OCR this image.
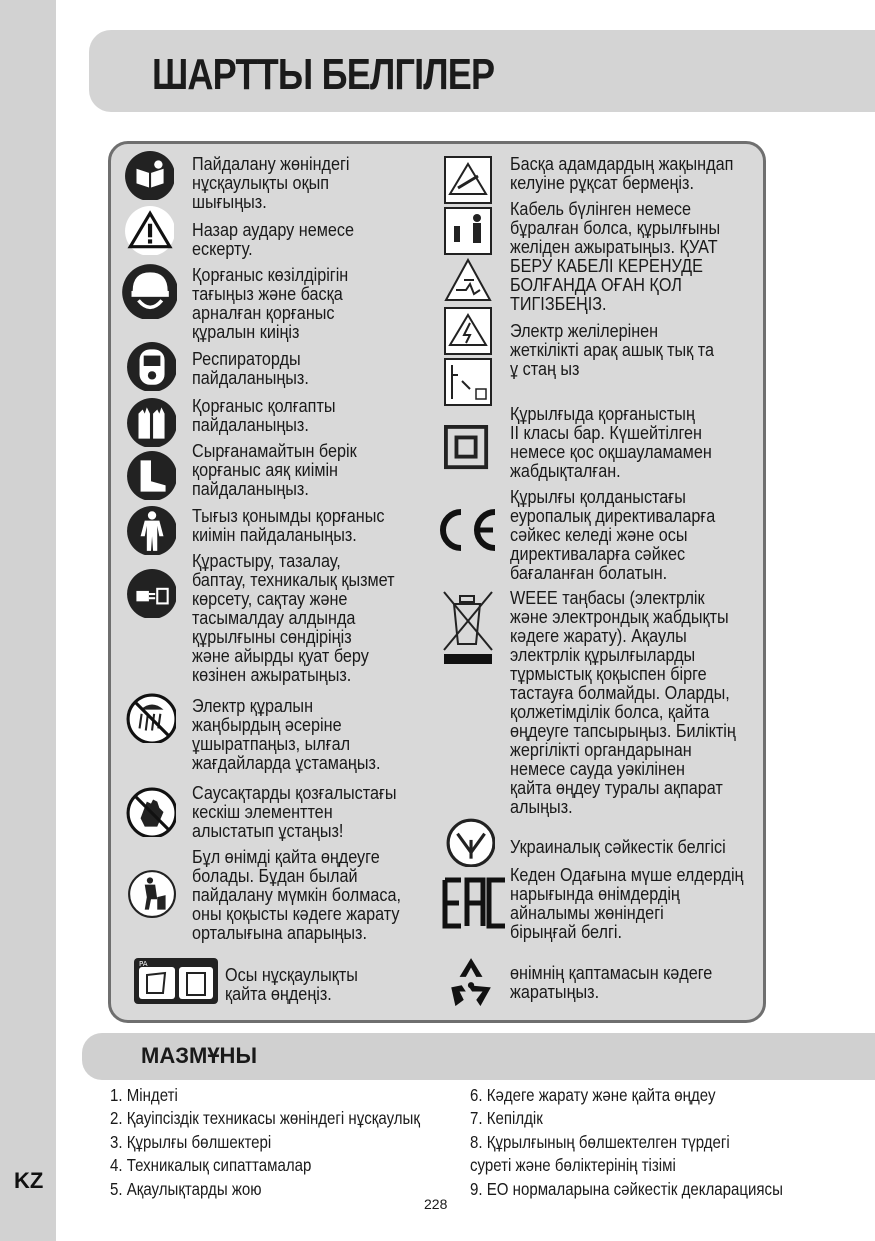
KZ
ШАРТТЫ БЕЛГІЛЕР
Пайдалану жөніндегі
нұсқаулықты оқып
шығыңыз.
Назар аудару немесе
ескерту.
Қорғаныс көзілдірігін
тағыңыз және басқа
арналған қорғаныс
құралын киіңіз
Респираторды
пайдаланыңыз.
Қорғаныс қолғапты
пайдаланыңыз.
Сырғанамайтын берік
қорғаныс аяқ киімін
пайдаланыңыз.
Тығыз қонымды қорғаныс
киімін пайдаланыңыз.
Құрастыру, тазалау,
баптау, техникалық қызмет
көрсету, сақтау және
тасымалдау алдында
құрылғыны сөндіріңіз
және айырды қуат беру
көзінен ажыратыңыз.
Электр құралын
жаңбырдың әсеріне
ұшыратпаңыз, ылғал
жағдайларда ұстамаңыз.
Саусақтарды қозғалыстағы
кескіш элементтен
алыстатып ұстаңыз!
Бұл өнімді қайта өңдеуге
болады. Бұдан былай
пайдалану мүмкін болмаса,
оны қоқысты кәдеге жарату
орталығына апарыңыз.
PA
Осы нұсқаулықты
қайта өңдеңіз.
Басқа адамдардың жақындап
келуіне рұқсат бермеңіз.
Кабель бүлінген немесе
бұралған болса, құрылғыны
желіден ажыратыңыз. ҚУАТ
БЕРУ КАБЕЛІ КЕРЕНУДЕ
БОЛҒАНДА ОҒАН ҚОЛ
ТИГІЗБЕҢІЗ.
Электр желілерінен
жеткілікті арақ ашық тық та
ұ стаң ыз
Құрылғыда қорғаныстың
II класы бар. Күшейтілген
немесе қос оқшауламамен
жабдықталған.
Құрылғы қолданыстағы
еуропалық директиваларға
сәйкес келеді және осы
директиваларға сәйкес
бағаланған болатын.
WEEE таңбасы (электрлік
және электрондық жабдықты
кәдеге жарату). Ақаулы
электрлік құрылғыларды
тұрмыстық қоқыспен бірге
тастауға болмайды. Оларды,
қолжетімділік болса, қайта
өңдеуге тапсырыңыз. Биліктің
жергілікті органдарынан
немесе сауда уәкілінен
қайта өңдеу туралы ақпарат
алыңыз.
Украиналық сәйкестік белгісі
Кеден Одағына мүше елдердің
нарығында өнімдердің
айналымы жөніндегі
бірыңғай белгі.
өнімнің қаптамасын кәдеге
жаратыңыз.
МАЗМҰНЫ
1. Міндеті
2. Қауіпсіздік техникасы жөніндегі нұсқаулық
3. Құрылғы бөлшектері
4. Техникалық сипаттамалар
5. Ақаулықтарды жою
6. Кәдеге жарату және қайта өңдеу
7. Кепілдік
8. Құрылғының бөлшектелген түрдегі
суреті және бөліктерінің тізімі
9. ЕО нормаларына сәйкестік декларациясы
228
